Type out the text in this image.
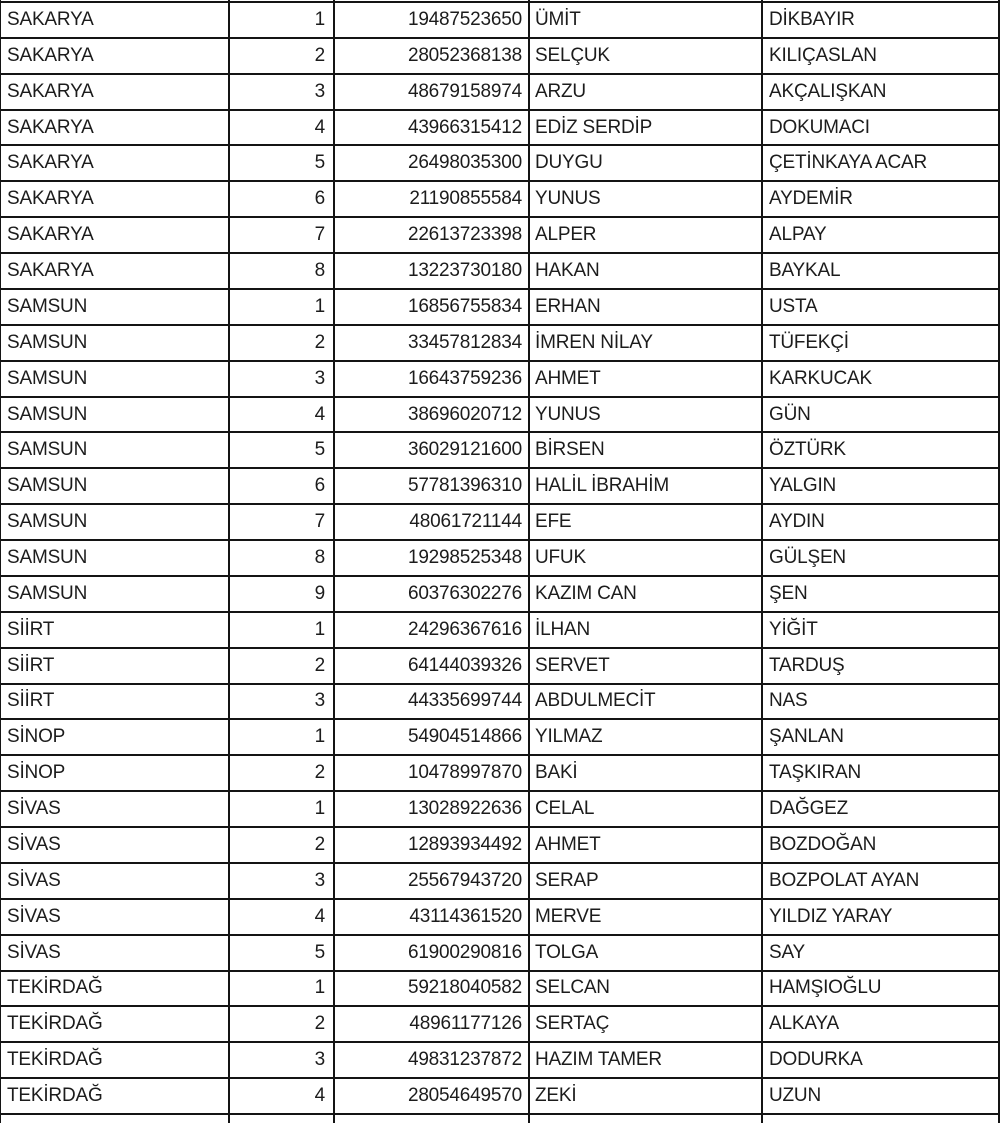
SAKARYA	1	19487523650 ÜMİT	DİKBAYIR
SAKARYA	2	28052368138 SELÇUK	KILIÇASLAN
SAKARYA	3	48679158974 ARZU	AKÇALIŞKAN
SAKARYA	4	43966315412 EDİZ SERDİP	DOKUMACI
SAKARYA	5	26498035300 DUYGU	ÇETİNKAYA ACAR
SAKARYA	6	21190855584 YUNUS	AYDEMİR
SAKARYA	7	22613723398 ALPER	ALPAY
SAKARYA	8	13223730180 HAKAN	BAYKAL
SAMSUN	1	16856755834 ERHAN	USTA
SAMSUN	2	33457812834 İMREN NİLAY	TÜFEKÇİ
SAMSUN	3	16643759236 AHMET	KARKUCAK
SAMSUN	4	38696020712 YUNUS	GÜN
SAMSUN	5	36029121600 BİRSEN	ÖZTÜRK
SAMSUN	6	57781396310 HALİL İBRAHİM	YALGIN
SAMSUN	7	48061721144 EFE	AYDIN
SAMSUN	8	19298525348 UFUK	GÜLŞEN
SAMSUN	9	60376302276 KAZIM CAN	ŞEN
SİİRT	1	24296367616 İLHAN	YİĞİT
SİİRT	2	64144039326 SERVET	TARDUŞ
SİİRT	3	44335699744 ABDULMECİT	NAS
SİNOP	1	54904514866 YILMAZ	ŞANLAN
SİNOP	2	10478997870 BAKİ	TAŞKIRAN
SİVAS	1	13028922636 CELAL	DAĞGEZ
SİVAS	2	12893934492 AHMET	BOZDOĞAN
SİVAS	3	25567943720 SERAP	BOZPOLAT AYAN
SİVAS	4	43114361520 MERVE	YILDIZ YARAY
SİVAS	5	61900290816 TOLGA	SAY
TEKİRDAĞ	1	59218040582 SELCAN	HAMŞIOĞLU
TEKİRDAĞ	2	48961177126 SERTAÇ	ALKAYA
TEKİRDAĞ	3	49831237872 HAZIM TAMER	DODURKA
TEKİRDAĞ	4	28054649570 ZEKİ	UZUN
